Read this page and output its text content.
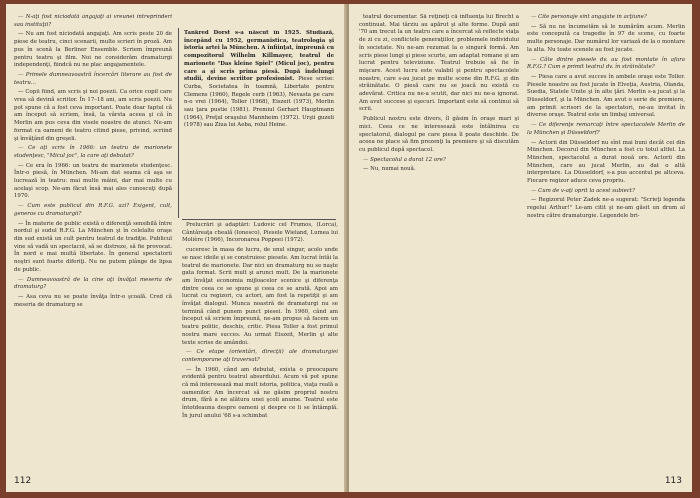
— N-aţi fost niciodată angajaţi ai vreunei întreprinderi sau instituţii?

— Nu am fost niciodată angajaţi. Am scris peste 20 de piese de teatru, cinci scenarii, multe scrieri în proză. Am pus în scenă la Berliner Ensemble. Scriem împreună pentru teatru şi film. Noi ne considerăm dramaturgi independenţi, fiindcă nu ne plac angajamentele.

— Primele dumneavoastră încercări literare au fost de teatru...

— Copii fiind, am scris şi noi poezii. Ca orice copil care vrea să devină scriitor. În 17–18 ani, am scris poezii. Nu pot spune că a fost ceva important. Poate doar faptul că am început să scriem, însă, la vârsta aceea şi că în Merlin am pus ceva din visele noastre de atunci. Ne-am format ca oameni de teatru citind piese, privind, scriind şi învăţând din greşeli.

— Ce aţi scris în 1966: un teatru de marionete studenţesc, "Micul joc", la care aţi debutat?

— Ce era în 1966: un teatru de marionete studenţesc. Într-o piesă, în München. Mi-am dat seama că aşa se lucrează în teatru: mai multe mâini, dar mai multe cu acelaşi scop. Ne-am făcut însă mai ales cunoscuţi după 1970.

— Cum este publicul din R.F.G. azi? Exigent, cult, generos cu dramaturgii?

— În materie de public există o diferenţă sensibilă între nordul şi sudul R.F.G. La München şi în celelalte oraşe din sud există un cult pentru teatrul de tradiţie. Publicul vine să vadă un spectacol, să se distreze, să fie provocat. În nord e mai multă libertate. În general spectatorii noştri sunt foarte diferiţi. Nu ne putem plânge de lipsa de public.

— Dumneavoastră de la cine aţi învăţat meseria de dramaturg?

— Asa ceva nu se poate învăţa într-o şcoală. Cred că meseria de dramaturg se

Tankred Dorst s-a născut în 1925. Studiază, începând cu 1952, germanistica, teatrologia şi istoria artei la München. A înfiinţat, împreună cu compozitorul Wilhelm Killmayer, teatrul de marionete "Das kleine Spiel" (Micul joc), pentru care a şi scris prima piesă. După îndelungi studii, devine scriitor profesionist. Piese scrise: Curba, Societatea în toamnă, Libertate pentru Clemens (1960), Regele cerb (1963), Nevasta pe care n-o vrei (1964), Toller (1968), Eiszeit (1973), Merlin sau ţara pustie (1981). Premiul Gerhart Hauptmann (1964), Preţul oraşului Mannheim (1972). Urşii guzeli (1978) sau Ziua lui Aeba, rolul Heine.

Prelucrări şi adaptări: Ludovic cel Frumos, (Lorca), Cântăreaţa cheală (Ionesco), Piesele Wieland, Lumea lui Molière (1966), Incoronarea Poppeei (1972).

cuceresc în masa de lucru, de unul singur, acolo unde se nasc ideile şi se construiesc piesele. Am lucrat întâi la teatrul de marionete. Dar nici un dramaturg nu se naşte gata format. Scrii mult şi arunci mult. De la marionete am învăţat economia mijloacelor scenice şi diferenţa dintre ceea ce se spune şi ceea ce se arată. Apoi am lucrat cu regizori, cu actori, am fost la repetiţii şi am învăţat dialogul. Munca noastră de dramaturgi nu se termină când punem punct piesei. În 1960, când am început să scriem împreună, ne-am propus să facem un teatru politic, deschis, critic. Piesa Toller a fost primul nostru mare succes. Au urmat Eiszeit, Merlin şi alte texte scrise de amândoi.

— Ce etape (orientări, direcţii) ale dramaturgiei contemporane aţi traversat?

— În 1960, când am debutat, exista o preocupare evidentă pentru teatrul absurdului. Acum vă pot spune că mă interesează mai mult istoria, politica, viaţa reală a oamenilor. Am încercat să ne găsim propriul nostru drum, fără a ne alătura unei şcoli anume. Teatrul este întotdeauna despre oameni şi despre ce li se întâmplă. În jurul anului '68 s-a schimbat

112

teatrul documentar. Să reţineţi că influenţa lui Brecht a continuat. Mai târziu au apărut şi alte forme. După anii '70 am trecut la un teatru care a încercat să reflecte viaţa de zi cu zi, conflictele generaţiilor, problemele individului în societate. Nu ne-am rezumat la o singură formă. Am scris piese lungi şi piese scurte, am adaptat romane şi am lucrat pentru televiziune. Teatrul trebuie să fie în mişcare. Acest lucru este valabil şi pentru spectacolele noastre, care s-au jucat pe multe scene din R.F.G. şi din străinătate. O piesă care nu se joacă nu există cu adevărat. Critica nu ne-a scutit, dar nici nu ne-a ignorat. Am avut succese şi eşecuri. Important este să continui să scrii.

Publicul nostru este divers, îl găsim în oraşe mari şi mici. Ceea ce ne interesează este întâlnirea cu spectatorul, dialogul pe care piesa îl poate deschide. De aceea ne place să fim prezenţi la premiere şi să discutăm cu publicul după spectacol.

— Spectacolul a durat 12 ore?

— Nu, numai nouă.

— Cite personaje sînt angajate în acţiune?

— Să nu ne încumetăm să le numărăm acum. Merlin este concepută ca tragedie în 97 de scene, cu foarte multe personaje. Dar numărul lor variază de la o montare la alta. Nu toate scenele au fost jucate.

— Câte dintre piesele dv. au fost montate în afara R.F.G.? Cum e primit teatrul dv. în străinătate?

— Piesa care a avut succes în ambele oraşe este Toller. Piesele noastre au fost jucate în Elveţia, Austria, Olanda, Suedia, Statele Unite şi în alte ţări. Merlin s-a jucat şi la Düsseldorf, şi la München. Am avut o serie de premiere, am primit scrisori de la spectatori, ne-au invitat în diverse oraşe. Teatrul este un limbaj universal.

— Ce diferenţe remarcaţi între spectacolele Merlin de la München şi Düsseldorf?

— Actorii din Düsseldorf nu sînt mai buni decât cei din München. Decorul din München a fost cu totul altfel. La München, spectacolul a durat nouă ore. Actorii din München, care au jucat Merlin, au dat o altă interpretare. La Düsseldorf, s-a pus accentul pe altceva. Fiecare regizor aduce ceva propriu.

— Cum de v-aţi oprit la acest subiect?

— Regizorul Peter Zadek ne-a sugerat: "Scrieţi legenda regelui Arthur!" Le-am citit şi ne-am găsit un drum al nostru către dramaturgie. Legendele bri-

113
